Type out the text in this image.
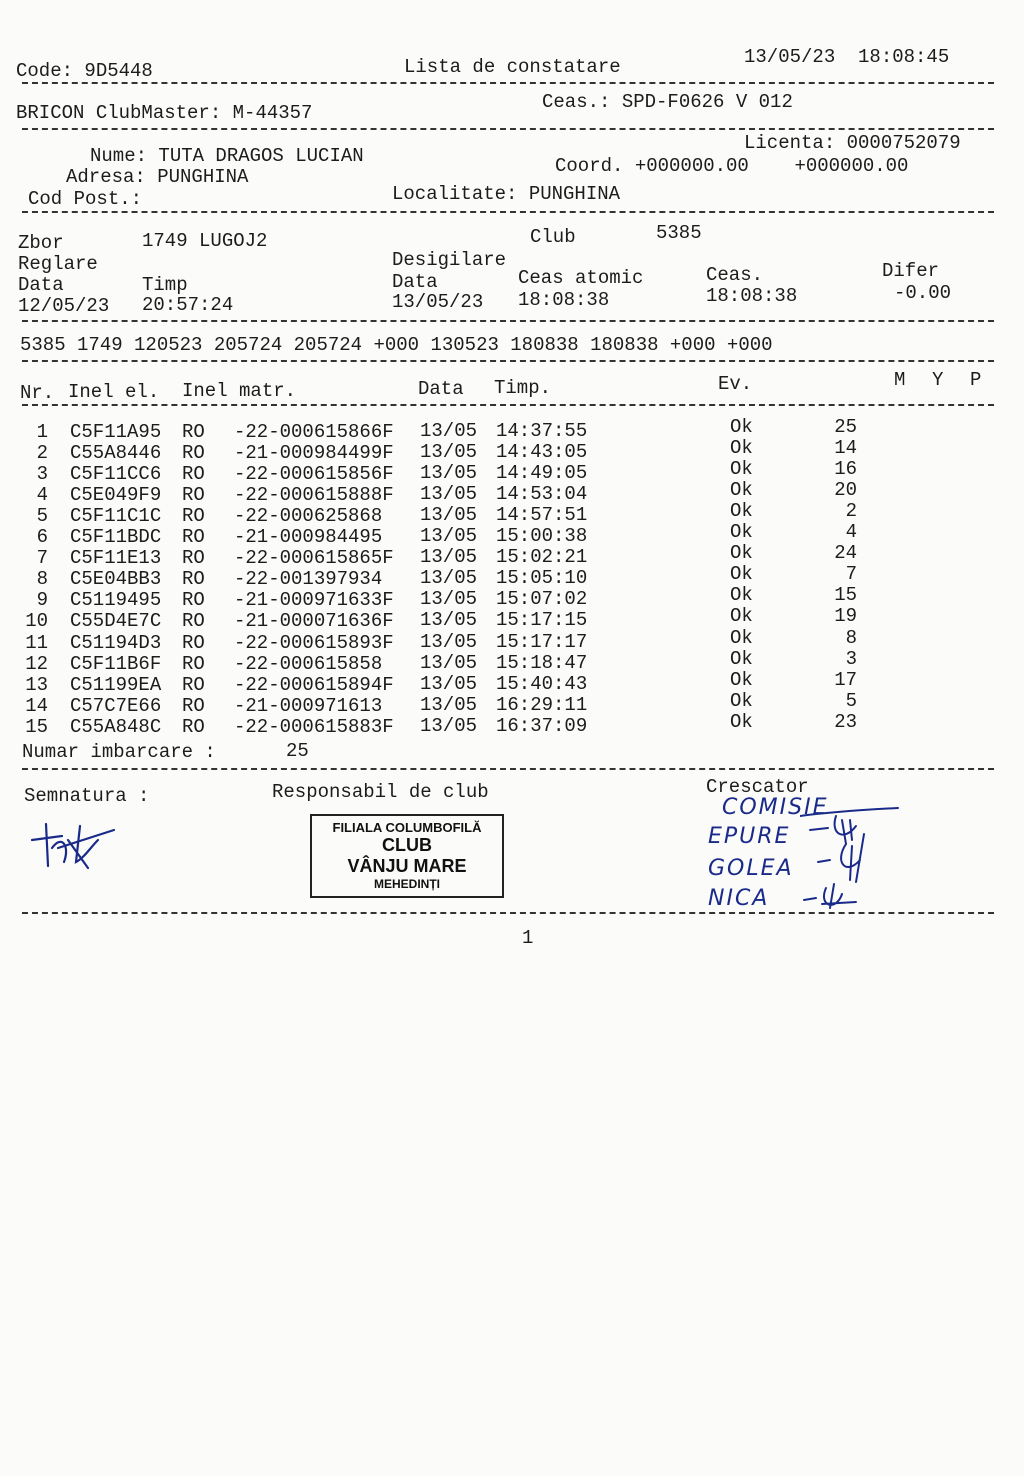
Code: 9D5448	Lista de constatare	13/05/23  18:08:45
BRICON ClubMaster: M-44357	Ceas.: SPD-F0626 V 012
Licenta: 0000752079
Nume: TUTA DRAGOS LUCIAN	Coord. +000000.00    +000000.00
Adresa: PUNGHINA
Cod Post.:	Localitate: PUNGHINA
Zbor	1749 LUGOJ2	Club	5385
Reglare	Desigilare
Data	Timp	Data	Ceas atomic	Ceas.	Difer
12/05/23 20:57:24	13/05/23 18:08:38	18:08:38	-0.00
5385 1749 120523 205724 205724 +000 130523 180838 180838 +000 +000
Nr. Inel el. Inel matr.	Data Timp.	Ev.	M Y P
1 C5F11A95 RO -22-000615866F 13/05 14:37:55	Ok	25
2 C55A8446 RO -21-000984499F 13/05 14:43:05	Ok	14
3 C5F11CC6 RO -22-000615856F 13/05 14:49:05	Ok	16
4 C5E049F9 RO -22-000615888F 13/05 14:53:04	Ok	20
5 C5F11C1C RO -22-000625868 13/05 14:57:51	Ok	2
6 C5F11BDC RO -21-000984495 13/05 15:00:38	Ok	4
7 C5F11E13 RO -22-000615865F 13/05 15:02:21	Ok	24
8 C5E04BB3 RO -22-001397934 13/05 15:05:10	Ok	7
9 C5119495 RO -21-000971633F 13/05 15:07:02	Ok	15
10 C55D4E7C RO -21-000071636F 13/05 15:17:15	Ok	19
11 C51194D3 RO -22-000615893F 13/05 15:17:17	Ok	8
12 C5F11B6F RO -22-000615858 13/05 15:18:47	Ok	3
13 C51199EA RO -22-000615894F 13/05 15:40:43	Ok	17
14 C57C7E66 RO -21-000971613 13/05 16:29:11	Ok	5
15 C55A848C RO -22-000615883F 13/05 16:37:09	Ok	23
Numar imbarcare :	25
Semnatura :	Responsabil de club	Crescator
FILIALA COLUMBOFILĂ
CLUB
VÂNJU MARE
MEHEDINȚI
COMISIE
EPURE
GOLEA
NICA
1
